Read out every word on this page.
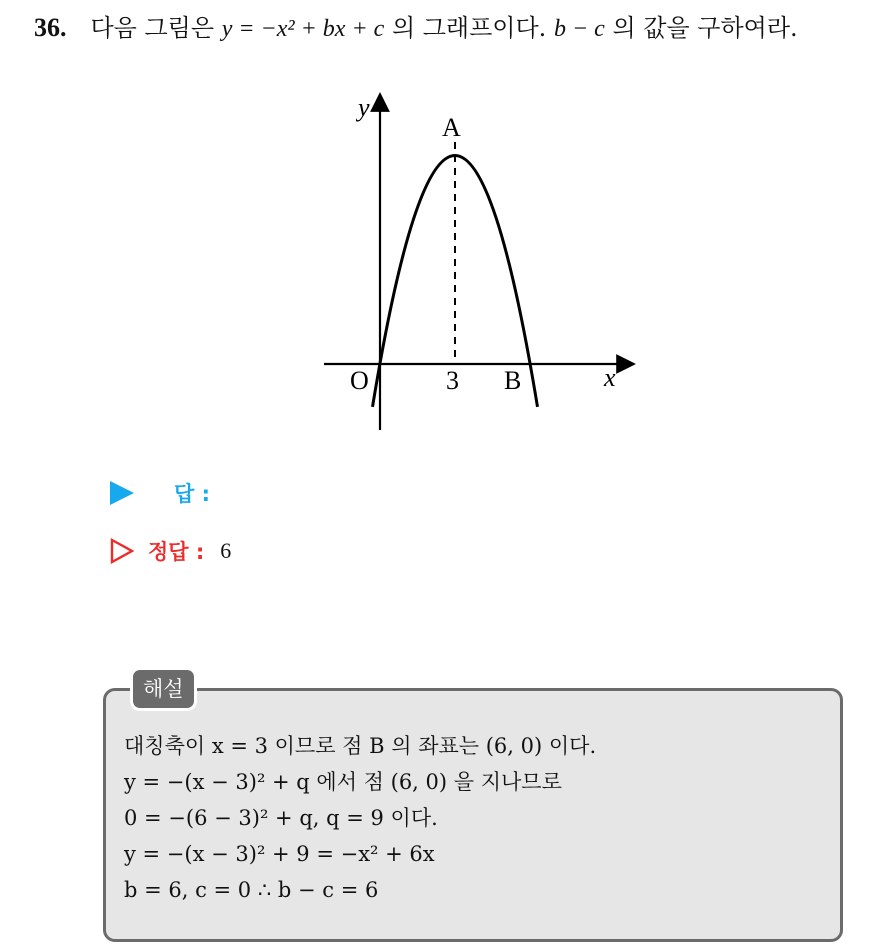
36. 다음 그림은 y = −x² + bx + c 의 그래프이다. b − c 의 값을 구하여라.
y
x
O
A
3 B
답 :
정답 : 6
해설
대칭축이 x = 3 이므로 점 B 의 좌표는 (6, 0) 이다.
y = −(x − 3)² + q 에서 점 (6, 0) 을 지나므로
0 = −(6 − 3)² + q, q = 9 이다.
y = −(x − 3)² + 9 = −x² + 6x
b = 6, c = 0 ∴ b − c = 6
